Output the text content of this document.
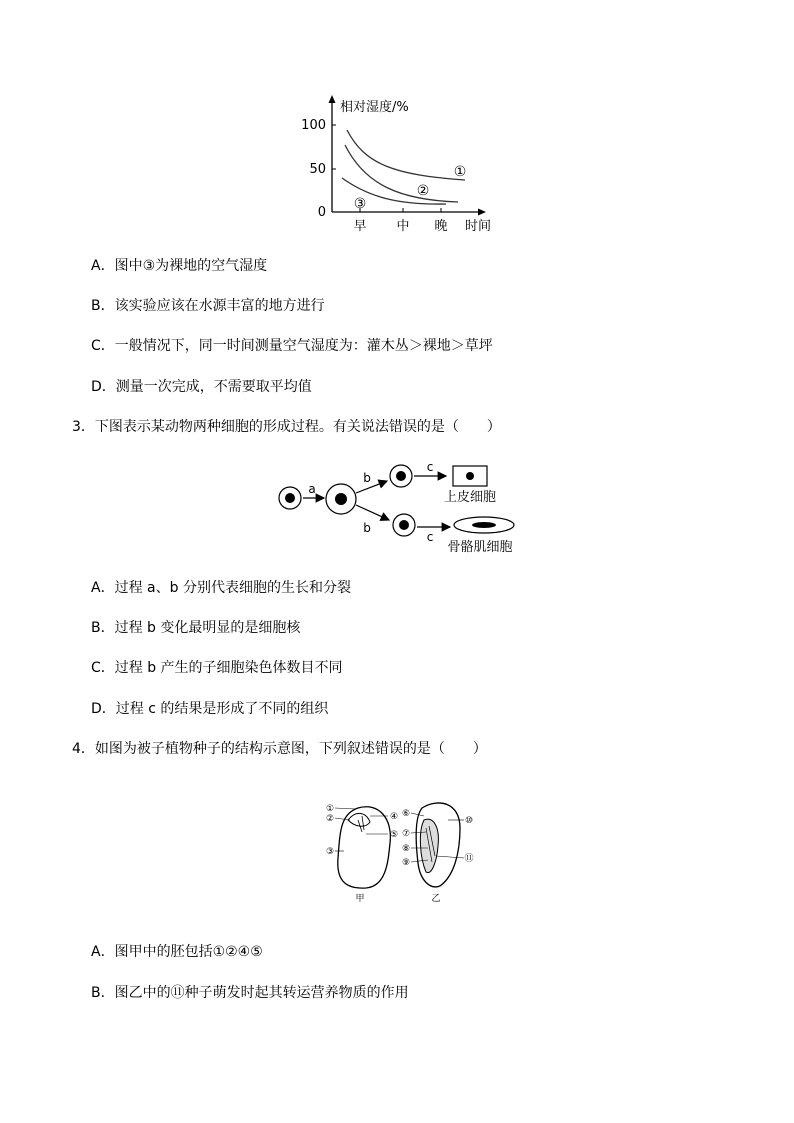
100
50
0
相对湿度/%
早 中 晚 时间
①
②
③
A．图中③为裸地的空气湿度
B．该实验应该在水源丰富的地方进行
C．一般情况下，同一时间测量空气湿度为：灌木丛＞裸地＞草坪
D．测量一次完成，不需要取平均值
3．下图表示某动物两种细胞的形成过程。有关说法错误的是（　　）
a
b
b
c
c
上皮细胞
骨骼肌细胞
A．过程 a、b 分别代表细胞的生长和分裂
B．过程 b 变化最明显的是细胞核
C．过程 b 产生的子细胞染色体数目不同
D．过程 c 的结果是形成了不同的组织
4．如图为被子植物种子的结构示意图，下列叙述错误的是（　　）
①
②
③
④
⑤
甲
⑥
⑦
⑧
⑨
⑩
⑪
乙
A．图甲中的胚包括①②④⑤
B．图乙中的⑪种子萌发时起其转运营养物质的作用
